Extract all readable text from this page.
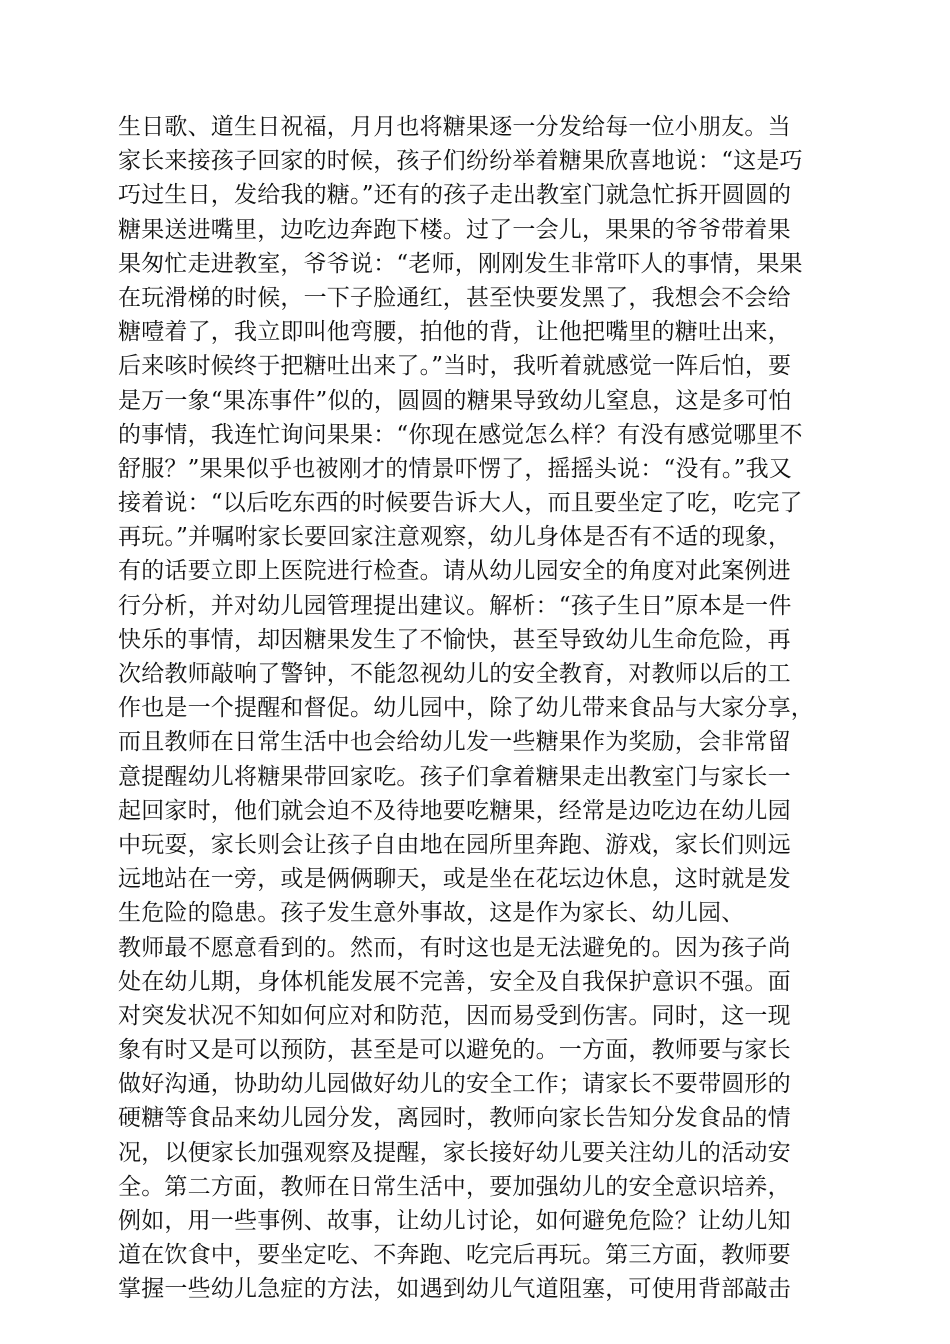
生日歌、道生日祝福，月月也将糖果逐一分发给每一位小朋友。当
家长来接孩子回家的时候，孩子们纷纷举着糖果欣喜地说：“这是巧
巧过生日，发给我的糖。”还有的孩子走出教室门就急忙拆开圆圆的
糖果送进嘴里，边吃边奔跑下楼。过了一会儿，果果的爷爷带着果
果匆忙走进教室，爷爷说：“老师，刚刚发生非常吓人的事情，果果
在玩滑梯的时候，一下子脸通红，甚至快要发黑了，我想会不会给
糖噎着了，我立即叫他弯腰，拍他的背，让他把嘴里的糖吐出来，
后来咳时候终于把糖吐出来了。”当时，我听着就感觉一阵后怕，要
是万一象“果冻事件”似的，圆圆的糖果导致幼儿窒息，这是多可怕
的事情，我连忙询问果果：“你现在感觉怎么样？有没有感觉哪里不
舒服？”果果似乎也被刚才的情景吓愣了，摇摇头说：“没有。”我又
接着说：“以后吃东西的时候要告诉大人，而且要坐定了吃，吃完了
再玩。”并嘱咐家长要回家注意观察，幼儿身体是否有不适的现象，
有的话要立即上医院进行检查。请从幼儿园安全的角度对此案例进
行分析，并对幼儿园管理提出建议。解析：“孩子生日”原本是一件
快乐的事情，却因糖果发生了不愉快，甚至导致幼儿生命危险，再
次给教师敲响了警钟，不能忽视幼儿的安全教育，对教师以后的工
作也是一个提醒和督促。幼儿园中，除了幼儿带来食品与大家分享，
而且教师在日常生活中也会给幼儿发一些糖果作为奖励，会非常留
意提醒幼儿将糖果带回家吃。孩子们拿着糖果走出教室门与家长一
起回家时，他们就会迫不及待地要吃糖果，经常是边吃边在幼儿园
中玩耍，家长则会让孩子自由地在园所里奔跑、游戏，家长们则远
远地站在一旁，或是俩俩聊天，或是坐在花坛边休息，这时就是发
生危险的隐患。孩子发生意外事故，这是作为家长、幼儿园、
教师最不愿意看到的。然而，有时这也是无法避免的。因为孩子尚
处在幼儿期，身体机能发展不完善，安全及自我保护意识不强。面
对突发状况不知如何应对和防范，因而易受到伤害。同时，这一现
象有时又是可以预防，甚至是可以避免的。一方面，教师要与家长
做好沟通，协助幼儿园做好幼儿的安全工作；请家长不要带圆形的
硬糖等食品来幼儿园分发，离园时，教师向家长告知分发食品的情
况，以便家长加强观察及提醒，家长接好幼儿要关注幼儿的活动安
全。第二方面，教师在日常生活中，要加强幼儿的安全意识培养，
例如，用一些事例、故事，让幼儿讨论，如何避免危险？让幼儿知
道在饮食中，要坐定吃、不奔跑、吃完后再玩。第三方面，教师要
掌握一些幼儿急症的方法，如遇到幼儿气道阻塞，可使用背部敲击
